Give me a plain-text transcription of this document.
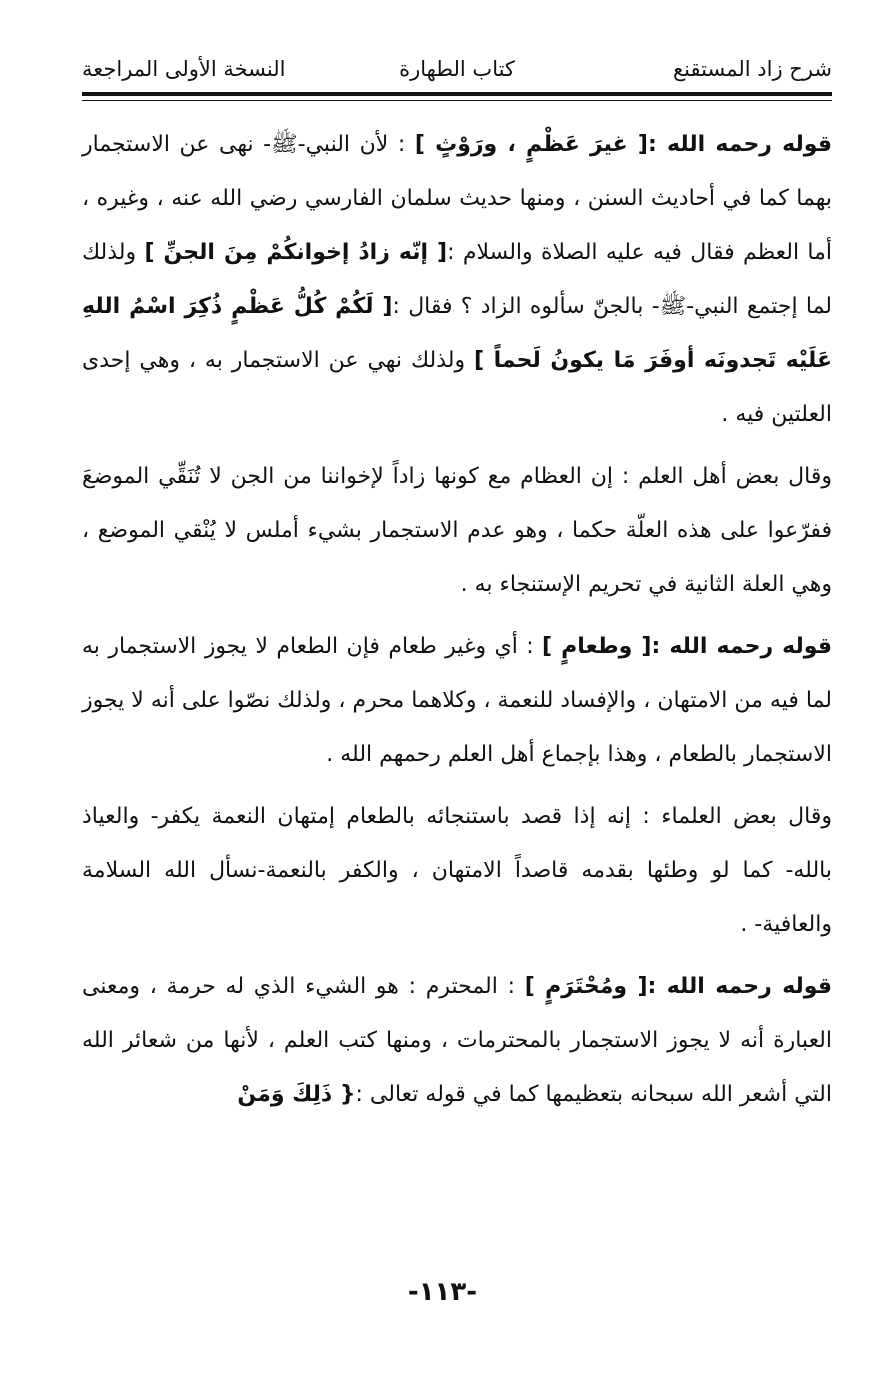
شرح زاد المستقنع
كتاب الطهارة
النسخة الأولى المراجعة

قوله رحمه الله :[ غيرَ عَظْمٍ ، ورَوْثٍ ] : لأن النبي-ﷺ- نهى عن الاستجمار بهما كما في أحاديث السنن ، ومنها حديث سلمان الفارسي رضي الله عنه ، وغيره ، أما العظم فقال فيه عليه الصلاة والسلام :[ إنّه زادُ إخوانكُمْ مِنَ الجنِّ ] ولذلك لما إجتمع النبي-ﷺ- بالجنّ سألوه الزاد ؟ فقال :[ لَكُمْ كُلُّ عَظْمٍ ذُكِرَ اسْمُ اللهِ عَلَيْه تَجدونَه أوفَرَ مَا يكونُ لَحماً ] ولذلك نهي عن الاستجمار به ، وهي إحدى العلتين فيه .

وقال بعض أهل العلم : إن العظام مع كونها زاداً لإخواننا من الجن لا تُنَقِّي الموضعَ ففرّعوا على هذه العلّة حكما ، وهو عدم الاستجمار بشيء أملس لا يُنْقي الموضع ، وهي العلة الثانية في تحريم الإستنجاء به .

قوله رحمه الله :[ وطعامٍ ] : أي وغير طعام فإن الطعام لا يجوز الاستجمار به لما فيه من الامتهان ، والإفساد للنعمة ، وكلاهما محرم ، ولذلك نصّوا على أنه لا يجوز الاستجمار بالطعام ، وهذا بإجماع أهل العلم رحمهم الله .

وقال بعض العلماء : إنه إذا قصد باستنجائه بالطعام إمتهان النعمة يكفر- والعياذ بالله- كما لو وطئها بقدمه قاصداً الامتهان ، والكفر بالنعمة-نسأل الله السلامة والعافية- .

قوله رحمه الله :[ ومُحْتَرَمٍ ] : المحترم : هو الشيء الذي له حرمة ، ومعنى العبارة أنه لا يجوز الاستجمار بالمحترمات ، ومنها كتب العلم ، لأنها من شعائر الله التي أشعر الله سبحانه بتعظيمها كما في قوله تعالى :{ ذَلِكَ وَمَنْ

-١١٣-
